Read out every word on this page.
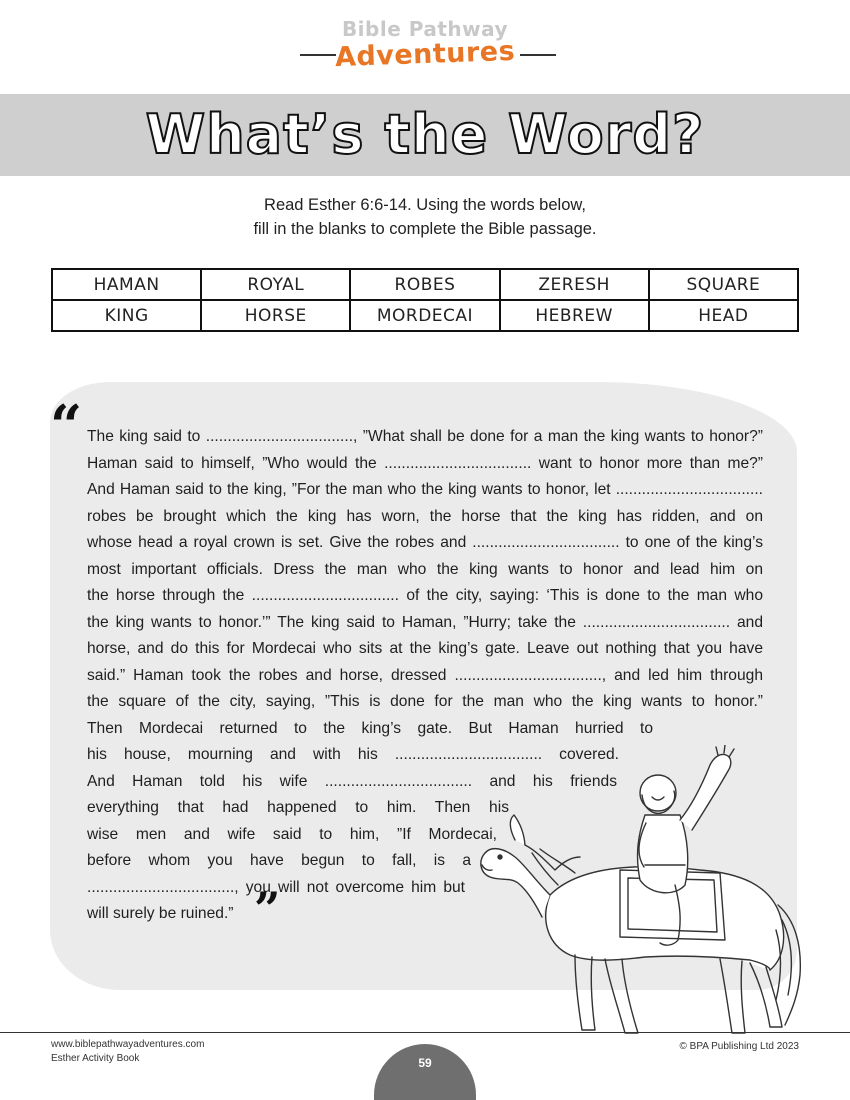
Bible Pathway
Adventures
What’s the Word?
Read Esther 6:6-14. Using the words below,
fill in the blanks to complete the Bible passage.
HAMAN	ROYAL	ROBES	ZERESH	SQUARE
KING	HORSE	MORDECAI	HEBREW	HEAD
“ The king said to .................................., ”What shall be done for a man the king wants to honor?”
Haman said to himself, ”Who would the .................................. want to honor more than me?”
And Haman said to the king, ”For the man who the king wants to honor, let ..................................
robes be brought which the king has worn, the horse that the king has ridden, and on
whose head a royal crown is set. Give the robes and .................................. to one of the king’s
most important officials. Dress the man who the king wants to honor and lead him on
the horse through the .................................. of the city, saying: ‘This is done to the man who
the king wants to honor.’” The king said to Haman, ”Hurry; take the .................................. and
horse, and do this for Mordecai who sits at the king’s gate. Leave out nothing that you have
said.” Haman took the robes and horse, dressed .................................., and led him through
the square of the city, saying, ”This is done for the man who the king wants to honor.”
Then Mordecai returned to the king’s gate. But Haman hurried to
his house, mourning and with his .................................. covered.
And Haman told his wife .................................. and his friends
everything that had happened to him. Then his
wise men and wife said to him, ”If Mordecai,
before whom you have begun to fall, is a
.................................., you will not overcome him but
will surely be ruined.” ”
www.biblepathwayadventures.com
Esther Activity Book
© BPA Publishing Ltd 2023
59
